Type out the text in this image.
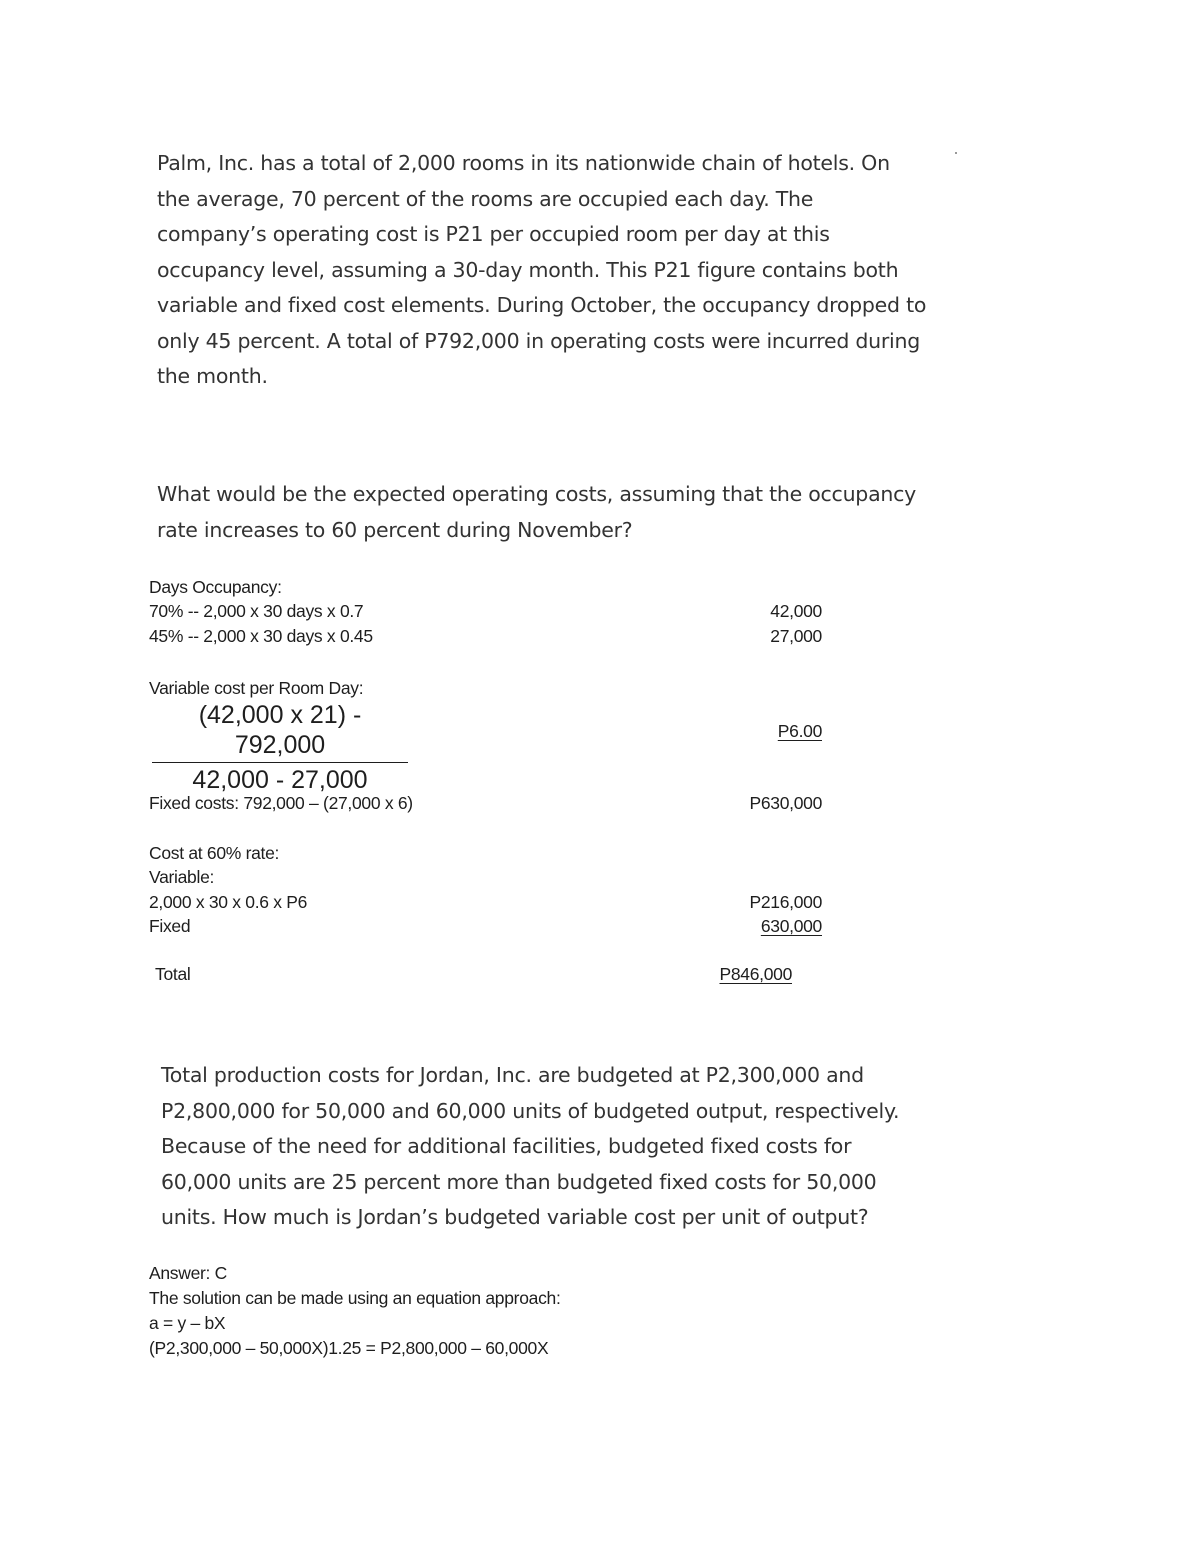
Palm, Inc. has a total of 2,000 rooms in its nationwide chain of hotels. On
the average, 70 percent of the rooms are occupied each day. The
company’s operating cost is P21 per occupied room per day at this
occupancy level, assuming a 30-day month. This P21 figure contains both
variable and fixed cost elements. During October, the occupancy dropped to
only 45 percent. A total of P792,000 in operating costs were incurred during
the month.
What would be the expected operating costs, assuming that the occupancy
rate increases to 60 percent during November?
Days Occupancy:
70% -- 2,000 x 30 days x 0.7	42,000
45% -- 2,000 x 30 days x 0.45	27,000
Variable cost per Room Day:
$\frac{(42,000 x 21) - 792,000}{42,000 - 27,000}$	P6.00
Fixed costs: 792,000 – (27,000 x 6)	P630,000
Cost at 60% rate:
Variable:
2,000 x 30 x 0.6 x P6	P216,000
Fixed	630,000
Total	P846,000
Total production costs for Jordan, Inc. are budgeted at P2,300,000 and
P2,800,000 for 50,000 and 60,000 units of budgeted output, respectively.
Because of the need for additional facilities, budgeted fixed costs for
60,000 units are 25 percent more than budgeted fixed costs for 50,000
units. How much is Jordan’s budgeted variable cost per unit of output?
Answer: C
The solution can be made using an equation approach:
a = y – bX
(P2,300,000 – 50,000X)1.25 = P2,800,000 – 60,000X
